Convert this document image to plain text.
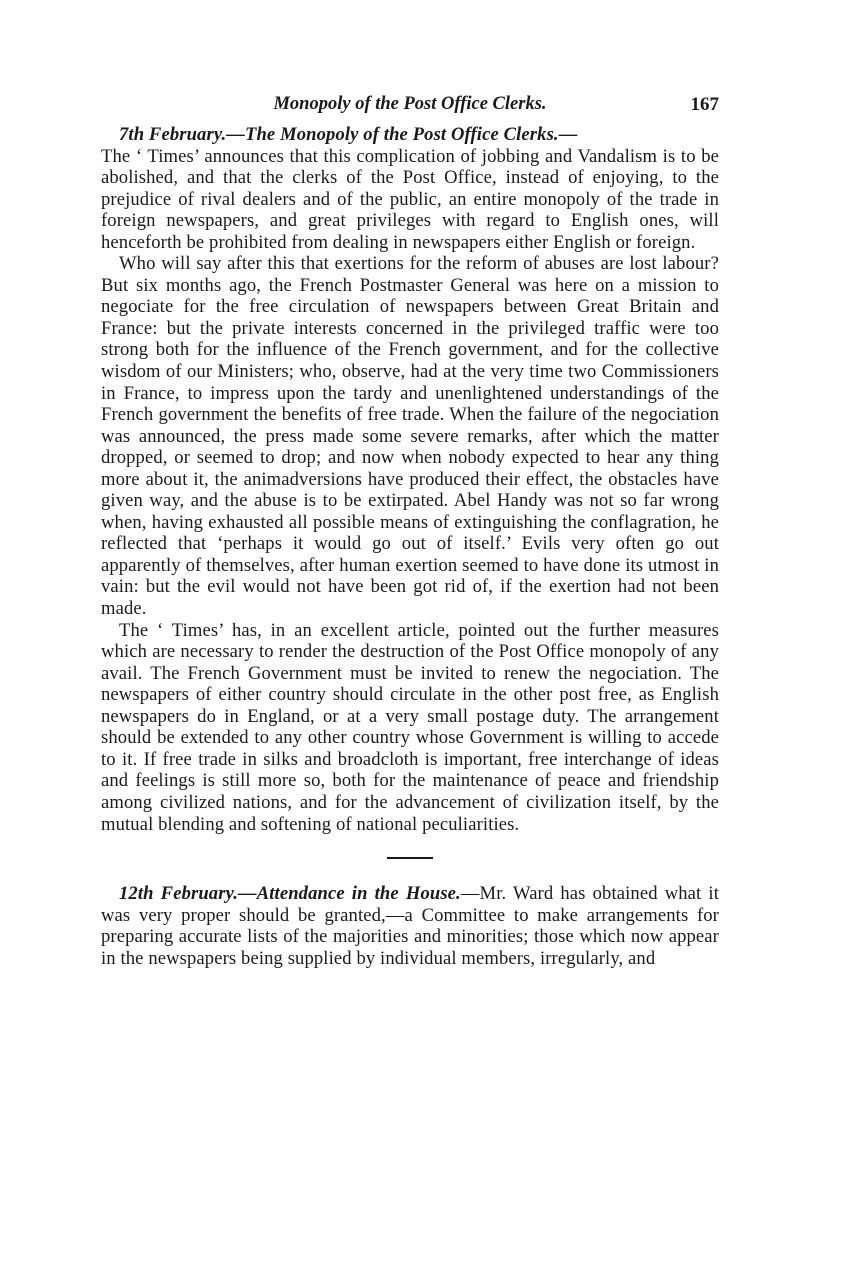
Monopoly of the Post Office Clerks.	167

7th February.—The Monopoly of the Post Office Clerks.—

The ‘ Times’ announces that this complication of jobbing and Vandalism is to be abolished, and that the clerks of the Post Office, instead of enjoying, to the prejudice of rival dealers and of the public, an entire monopoly of the trade in foreign newspapers, and great privileges with regard to English ones, will henceforth be prohibited from dealing in newspapers either English or foreign.

Who will say after this that exertions for the reform of abuses are lost labour? But six months ago, the French Postmaster General was here on a mission to negociate for the free circulation of newspapers between Great Britain and France: but the private interests concerned in the privileged traffic were too strong both for the influence of the French government, and for the collective wisdom of our Ministers; who, observe, had at the very time two Commissioners in France, to impress upon the tardy and unenlightened understandings of the French government the benefits of free trade. When the failure of the negociation was announced, the press made some severe remarks, after which the matter dropped, or seemed to drop; and now when nobody expected to hear any thing more about it, the animadversions have produced their effect, the obstacles have given way, and the abuse is to be extirpated. Abel Handy was not so far wrong when, having exhausted all possible means of extinguishing the conflagration, he reflected that ‘perhaps it would go out of itself.’ Evils very often go out apparently of themselves, after human exertion seemed to have done its utmost in vain: but the evil would not have been got rid of, if the exertion had not been made.

The ‘ Times’ has, in an excellent article, pointed out the further measures which are necessary to render the destruction of the Post Office monopoly of any avail. The French Government must be invited to renew the negociation. The newspapers of either country should circulate in the other post free, as English newspapers do in England, or at a very small postage duty. The arrangement should be extended to any other country whose Government is willing to accede to it. If free trade in silks and broadcloth is important, free interchange of ideas and feelings is still more so, both for the maintenance of peace and friendship among civilized nations, and for the advancement of civilization itself, by the mutual blending and softening of national peculiarities.

12th February.—Attendance in the House.—Mr. Ward has obtained what it was very proper should be granted,—a Committee to make arrangements for preparing accurate lists of the majorities and minorities; those which now appear in the newspapers being supplied by individual members, irregularly, and
